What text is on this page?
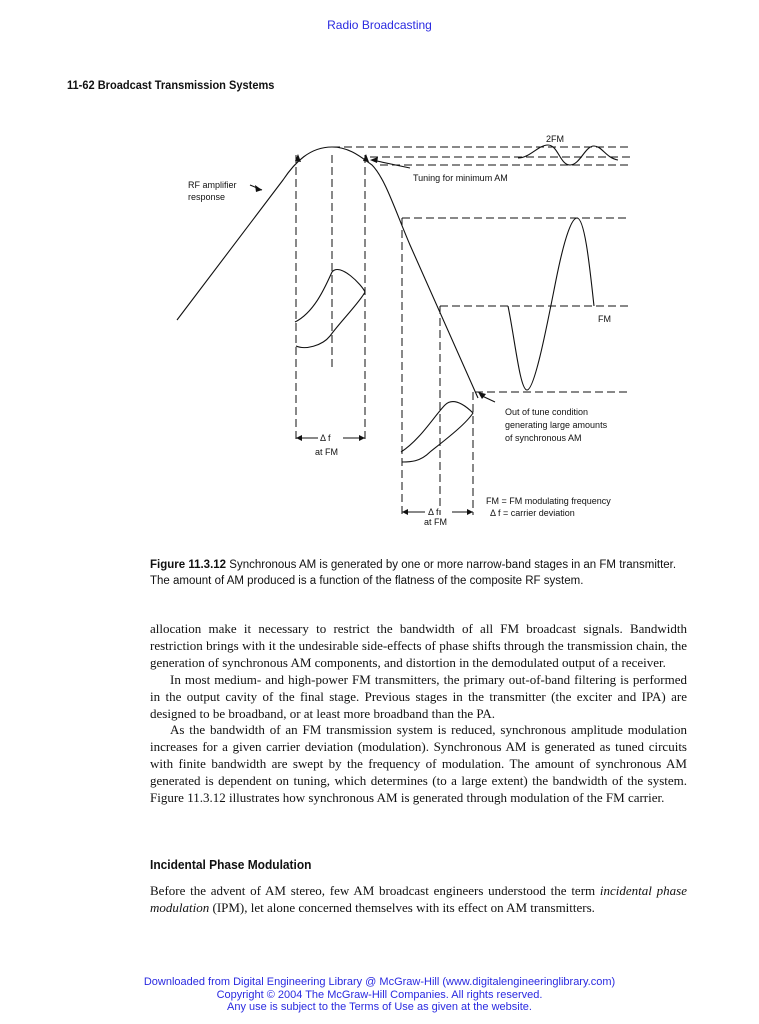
Radio Broadcasting
11-62 Broadcast Transmission Systems
2FM
Tuning for minimum AM
RF amplifier
response
FM
Out of tune condition
generating large amounts
of synchronous AM
Δ f
at FM
Δ f
at FM
FM = FM modulating frequency
Δ f = carrier deviation
Figure 11.3.12 Synchronous AM is generated by one or more narrow-band stages in an FM transmitter. The amount of AM produced is a function of the flatness of the composite RF system.

allocation make it necessary to restrict the bandwidth of all FM broadcast signals. Bandwidth restriction brings with it the undesirable side-effects of phase shifts through the transmission chain, the generation of synchronous AM components, and distortion in the demodulated output of a receiver.

In most medium- and high-power FM transmitters, the primary out-of-band filtering is performed in the output cavity of the final stage. Previous stages in the transmitter (the exciter and IPA) are designed to be broadband, or at least more broadband than the PA.

As the bandwidth of an FM transmission system is reduced, synchronous amplitude modulation increases for a given carrier deviation (modulation). Synchronous AM is generated as tuned circuits with finite bandwidth are swept by the frequency of modulation. The amount of synchronous AM generated is dependent on tuning, which determines (to a large extent) the bandwidth of the system. Figure 11.3.12 illustrates how synchronous AM is generated through modulation of the FM carrier.

Incidental Phase Modulation

Before the advent of AM stereo, few AM broadcast engineers understood the term incidental phase modulation (IPM), let alone concerned themselves with its effect on AM transmitters.

Downloaded from Digital Engineering Library @ McGraw-Hill (www.digitalengineeringlibrary.com)
Copyright © 2004 The McGraw-Hill Companies. All rights reserved.
Any use is subject to the Terms of Use as given at the website.
